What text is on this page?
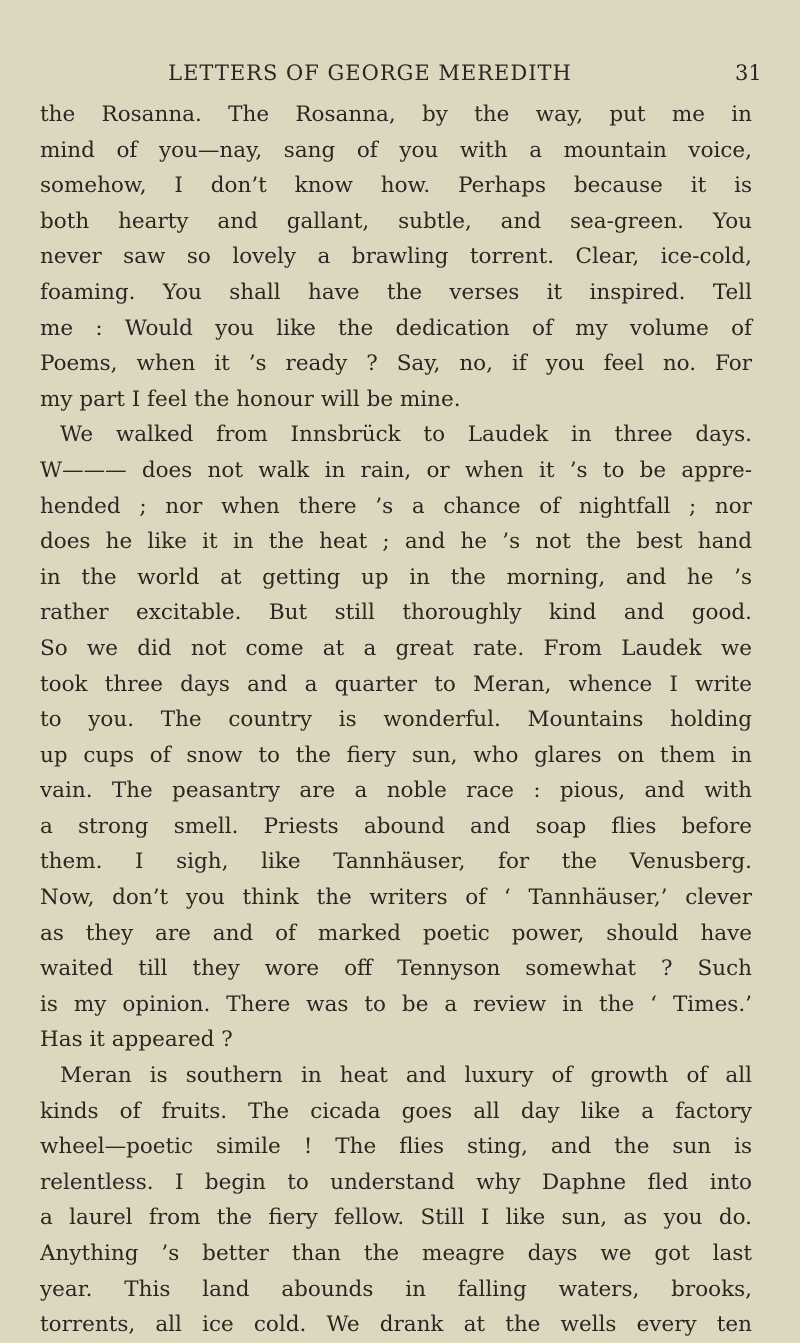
LETTERS OF GEORGE MEREDITH	31
the Rosanna. The Rosanna, by the way, put me in
mind of you—nay, sang of you with a mountain voice,
somehow, I don’t know how. Perhaps because it is
both hearty and gallant, subtle, and sea-green. You
never saw so lovely a brawling torrent. Clear, ice-cold,
foaming. You shall have the verses it inspired. Tell
me : Would you like the dedication of my volume of
Poems, when it ’s ready ? Say, no, if you feel no. For
my part I feel the honour will be mine.
We walked from Innsbrück to Laudek in three days.
W——— does not walk in rain, or when it ’s to be appre-
hended ; nor when there ’s a chance of nightfall ; nor
does he like it in the heat ; and he ’s not the best hand
in the world at getting up in the morning, and he ’s
rather excitable. But still thoroughly kind and good.
So we did not come at a great rate. From Laudek we
took three days and a quarter to Meran, whence I write
to you. The country is wonderful. Mountains holding
up cups of snow to the fiery sun, who glares on them in
vain. The peasantry are a noble race : pious, and with
a strong smell. Priests abound and soap flies before
them. I sigh, like Tannhäuser, for the Venusberg.
Now, don’t you think the writers of ‘ Tannhäuser,’ clever
as they are and of marked poetic power, should have
waited till they wore off Tennyson somewhat ? Such
is my opinion. There was to be a review in the ‘ Times.’
Has it appeared ?
Meran is southern in heat and luxury of growth of all
kinds of fruits. The cicada goes all day like a factory
wheel—poetic simile ! The flies sting, and the sun is
relentless. I begin to understand why Daphne fled into
a laurel from the fiery fellow. Still I like sun, as you do.
Anything ’s better than the meagre days we got last
year. This land abounds in falling waters, brooks,
torrents, all ice cold. We drank at the wells every ten
